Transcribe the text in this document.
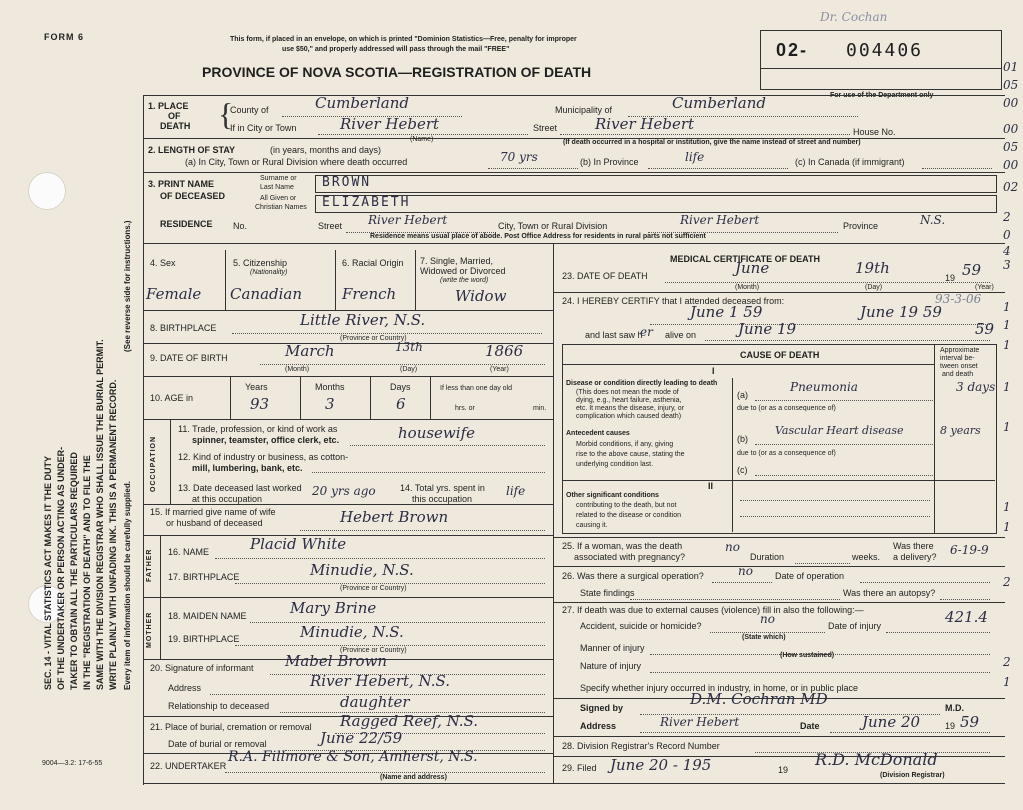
SEC. 14 - VITAL STATISTICS ACT MAKES IT THE DUTY OF THE UNDERTAKER OR PERSON ACTING AS UNDER- TAKER TO OBTAIN ALL THE PARTICULARS REQUIRED IN THE "REGISTRATION OF DEATH" AND TO FILE THE SAME WITH THE DIVISION REGISTRAR WHO SHALL ISSUE THE BURIAL PERMIT. WRITE PLAINLY WITH UNFADING INK. THIS IS A PERMANENT RECORD. Every item of information should be carefully supplied.
(See reverse side for instructions.)
9004—3.2: 17-6-55
FORM 6	This form, if placed in an envelope, on which is printed "Dominion Statistics—Free, penalty for improper
use $50," and properly addressed will pass through the mail "FREE"
PROVINCE OF NOVA SCOTIA—REGISTRATION OF DEATH
Dr. Cochan
02- 004406
For use of the Department only
01
05
00
00
05
00
02
2
0
4
3
1
1
1
1
1
1
1
2
2
1
1. PLACE
OF
DEATH {
County of	Cumberland	Municipality of	Cumberland
If in City or Town	River Hebert
(Name)
Street	River Hebert	House No.
(If death occurred in a hospital or institution, give the name instead of street and number)
2. LENGTH OF STAY	(in years, months and days)
(a) In City, Town or Rural Division where death occurred	70 yrs	(b) In Province	life	(c) In Canada (if immigrant)
3. PRINT NAME
OF DECEASED
Surname or
Last Name BROWN
All Given or
Christian Names ELIZABETH
RESIDENCE No.	Street River Hebert	City, Town or Rural Division	River Hebert	Province	N.S.
Residence means usual place of abode. Post Office Address for residents in rural parts not sufficient
4. Sex
Female
5. Citizenship
(Nationality)
Canadian
6. Racial Origin
French
7. Single, Married,
Widowed or Divorced
(write the word)
Widow
8. BIRTHPLACE	Little River, N.S.
(Province or Country)
9. DATE OF BIRTH	March	13th	1866
(Month)	(Day)	(Year)
10. AGE in
Years	Months	Days
93	3	6
If less than one day old
hrs. or	min.
OCCUPATION
11. Trade, profession, or kind of work as
spinner, teamster, office clerk, etc.	housewife
12. Kind of industry or business, as cotton-
mill, lumbering, bank, etc.
13. Date deceased last worked
at this occupation
20 yrs ago	14. Total yrs. spent in
this occupation
life
15. If married give name of wife
or husband of deceased	Hebert Brown
FATHER 16. NAME	Placid White
17. BIRTHPLACE	Minudie, N.S.
(Province or Country)
MOTHER 18. MAIDEN NAME	Mary Brine
19. BIRTHPLACE	Minudie, N.S.
(Province or Country)
20. Signature of informant Mabel Brown
Address	River Hebert, N.S.
Relationship to deceased	daughter
21. Place of burial, cremation or removal Ragged Reef, N.S.
Date of burial or removal	June 22/59
22. UNDERTAKER
R.A. Fillmore & Son, Amherst, N.S.
(Name and address)
MEDICAL CERTIFICATE OF DEATH
23. DATE OF DEATH	June	19th
19 59
(Month)	(Day)	(Year)
24. I HEREBY CERTIFY that I attended deceased from:	93-3-06
June 1 59	June 19 59
and last saw h
er alive on	June 19	59
CAUSE OF DEATH	Approximate
interval be-
tween onset
and death
I
Disease or condition directly leading to death
(This does not mean the mode of
dying, e.g., heart failure, asthenia,
etc. It means the disease, injury, or
complication which caused death)
(a)
Pneumonia	3 days
due to (or as a consequence of)
Antecedent causes
Morbid conditions, if any, giving
rise to the above cause, stating the
underlying condition last.
(b)
Vascular Heart disease	8 years
due to (or as a consequence of)
(c)
II
Other significant conditions
contributing to the death, but not
related to the disease or condition
causing it.
25. If a woman, was the death
associated with pregnancy?
no
Duration	weeks.
Was there
a delivery? 6-19-9
26. Was there a surgical operation?	no Date of operation
State findings	Was there an autopsy?
27. If death was due to external causes (violence) fill in also the following:—
Accident, suicide or homicide?	no
(State which)
Date of injury	421.4
Manner of injury
Nature of injury
(How sustained)
Specify whether injury occurred in industry, in home, or in public place
Signed by	D.M. Cochran MD	M.D.
Address	River Hebert	Date	June 20	19 59
28. Division Registrar's Record Number
29. Filed June 20 - 195	19
R.D. McDonald
(Division Registrar)
